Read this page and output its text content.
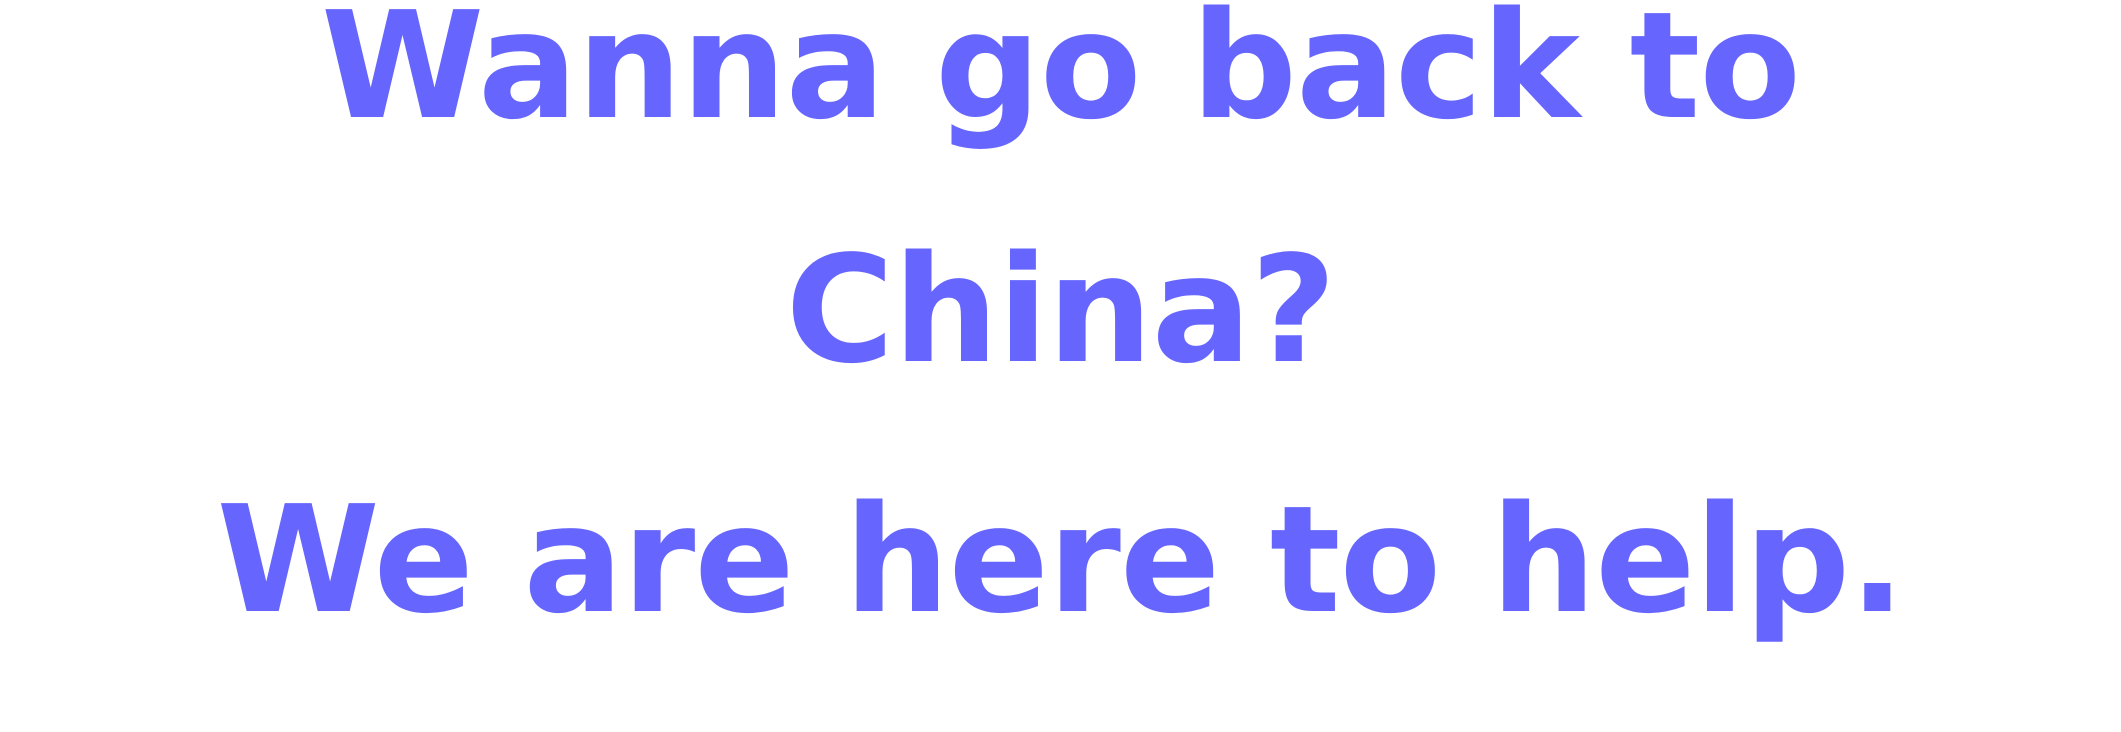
Wanna go back to
China?
We are here to help.
